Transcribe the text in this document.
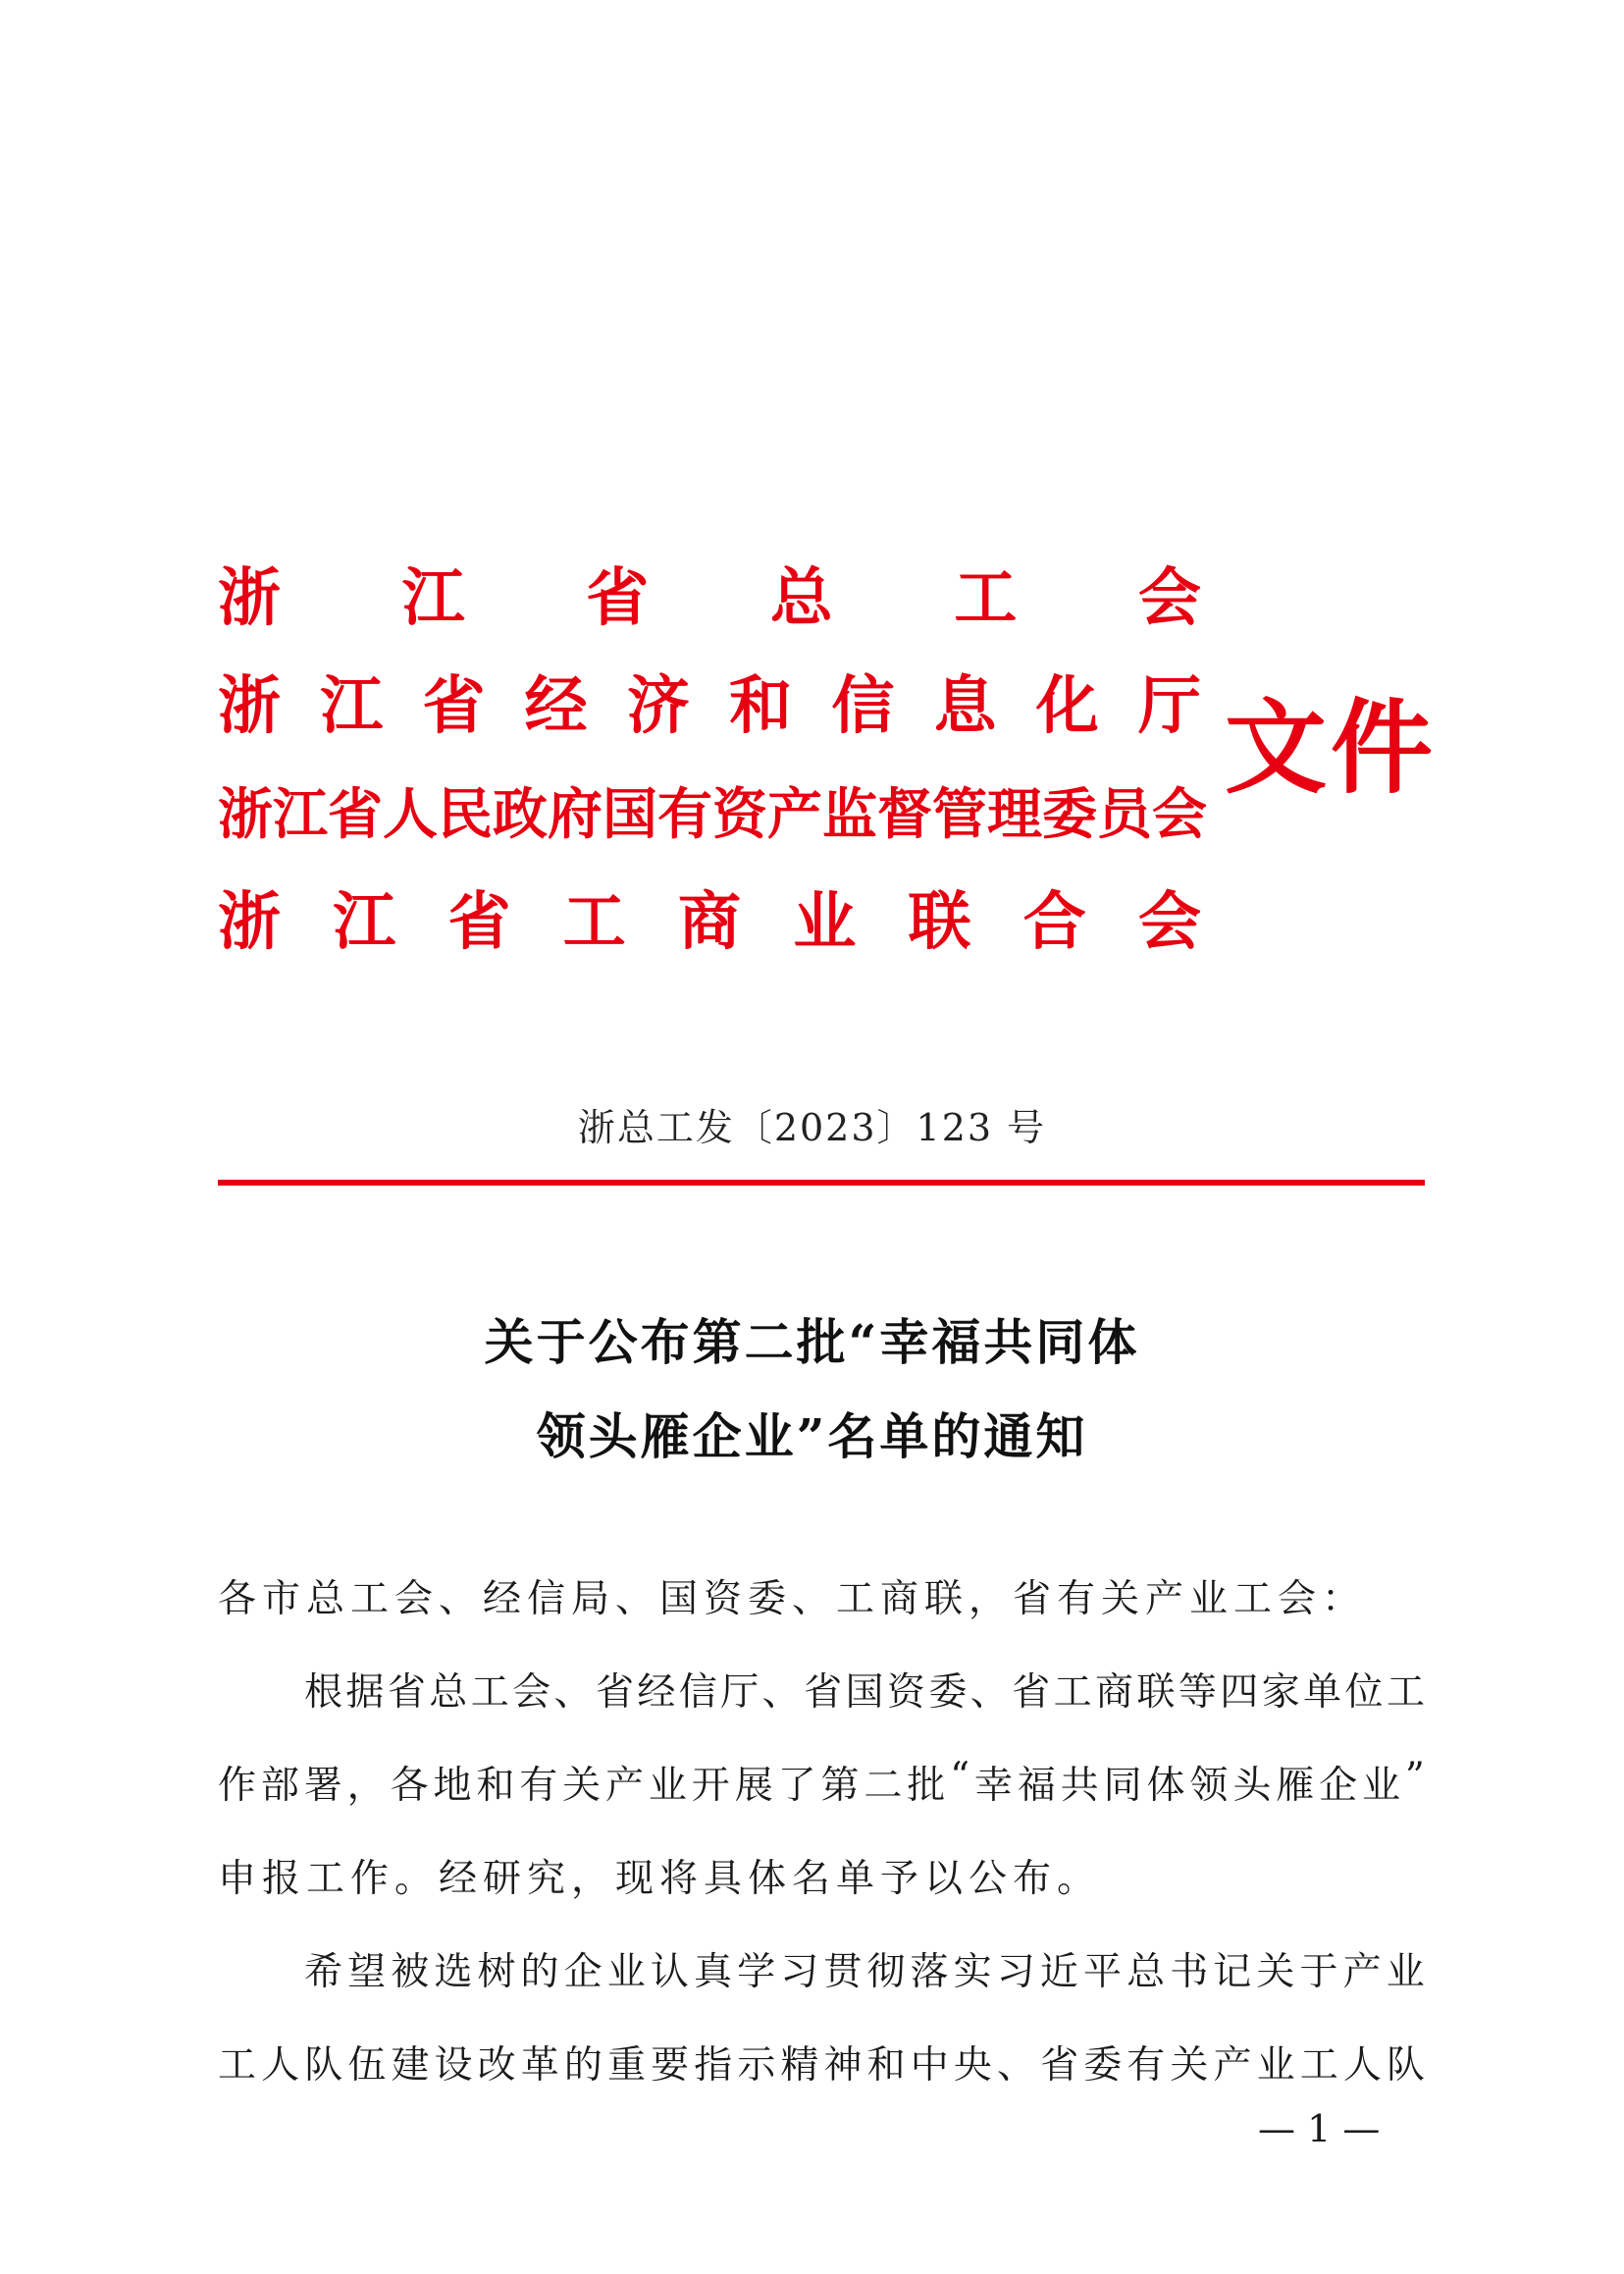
浙 江 省 总 工 会
浙 江 省 经 济 和 信 息 化 厅
浙 江 省 人 民 政 府 国 有 资 产 监 督 管 理 委 员 会
浙 江 省 工 商 业 联 合 会
文件
浙总工发〔2023〕123 号
关于公布第二批“幸福共同体
领头雁企业”名单的通知
各市总工会、经信局、国资委、工商联，省有关产业工会：
根 据 省 总 工 会 、 省 经 信 厅 、 省 国 资 委 、 省 工 商 联 等 四 家 单 位 工
作 部 署 ， 各 地 和 有 关 产 业 开 展 了 第 二 批 “ 幸 福 共 同 体 领 头 雁 企 业 ”
申报工作。经研究，现将具体名单予以公布。
希 望 被 选 树 的 企 业 认 真 学 习 贯 彻 落 实 习 近 平 总 书 记 关 于 产 业
工 人 队 伍 建 设 改 革 的 重 要 指 示 精 神 和 中 央 、 省 委 有 关 产 业 工 人 队
— 1 —
